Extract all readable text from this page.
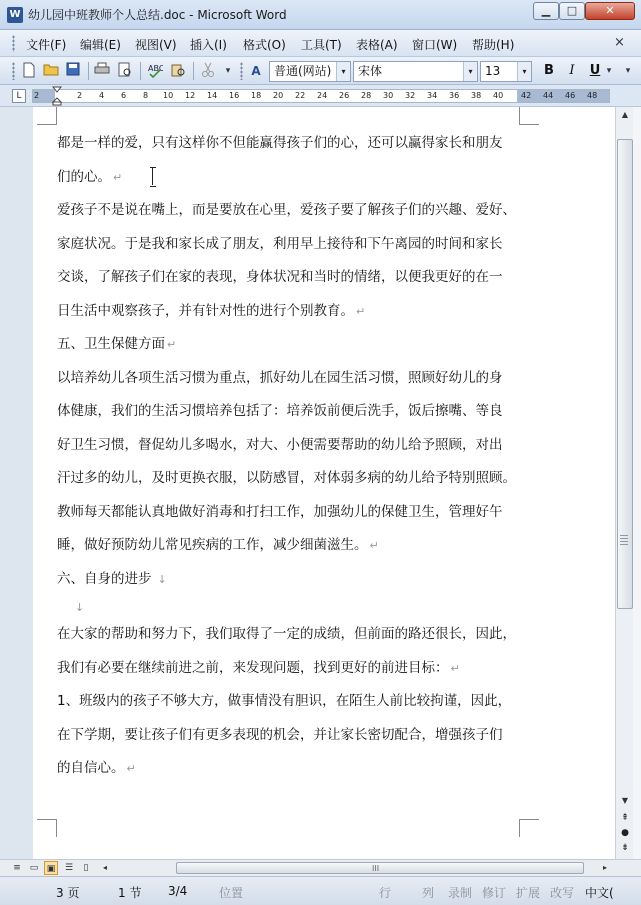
W 幼儿园中班教师个人总结.doc - Microsoft Word	▁	□	✕
文件(F) 编辑(E) 视图(V) 插入(I) 格式(O) 工具(T) 表格(A) 窗口(W) 帮助(H)	×
ABC	▾	A	普通(网站)	▾	宋体	▾	13	▾	B	I	U ▾	▾
L	2	2 4 6 8 10 12 14 16 18 20 22 24 26 28 30 32 34 36 38 40 42 44 46 48
都是一样的爱，只有这样你不但能赢得孩子们的心，还可以赢得家长和朋友
们的心。 ↵
爱孩子不是说在嘴上，而是要放在心里，爱孩子要了解孩子们的兴趣、爱好、
家庭状况。于是我和家长成了朋友，利用早上接待和下午离园的时间和家长
交谈，了解孩子们在家的表现，身体状况和当时的情绪，以便我更好的在一
日生活中观察孩子，并有针对性的进行个别教育。 ↵
五、卫生保健方面 ↵
以培养幼儿各项生活习惯为重点，抓好幼儿在园生活习惯，照顾好幼儿的身
体健康，我们的生活习惯培养包括了：培养饭前便后洗手，饭后擦嘴、等良
好卫生习惯，督促幼儿多喝水，对大、小便需要帮助的幼儿给予照顾，对出
汗过多的幼儿，及时更换衣服，以防感冒，对体弱多病的幼儿给予特别照顾。
教师每天都能认真地做好消毒和打扫工作，加强幼儿的保健卫生，管理好午
睡，做好预防幼儿常见疾病的工作，减少细菌滋生。 ↵
六、自身的进步 ↓
↓
在大家的帮助和努力下，我们取得了一定的成绩，但前面的路还很长，因此，
我们有必要在继续前进之前，来发现问题，找到更好的前进目标： ↵
1、班级内的孩子不够大方，做事情没有胆识，在陌生人前比较拘谨，因此，
在下学期，要让孩子们有更多表现的机会，并让家长密切配合，增强孩子们
的自信心。 ↵
▲
▼
⇞
●
⇟
≡ ▭ ▣	☰	▯	◂	III	▸
3 页	1 节 3/4	位置	行	列 录制 修订 扩展 改写 中文(
